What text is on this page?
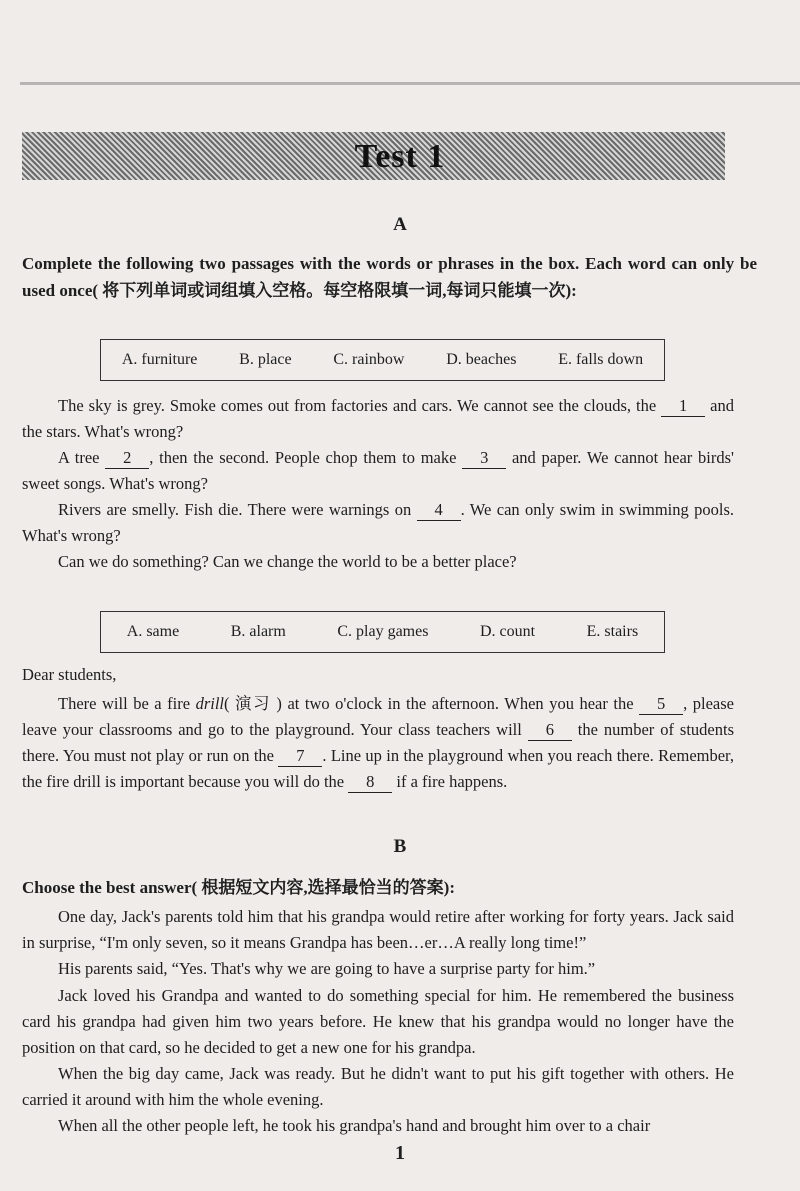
Test 1
A
Complete the following two passages with the words or phrases in the box. Each word can only be used once( 将下列单词或词组填入空格。每空格限填一词,每词只能填一次):
A. furniture	B. place	C. rainbow	D. beaches	E. falls down
The sky is grey. Smoke comes out from factories and cars. We cannot see the clouds, the 1 and the stars. What's wrong?
A tree 2 , then the second. People chop them to make 3 and paper. We cannot hear birds' sweet songs. What's wrong?
Rivers are smelly. Fish die. There were warnings on 4 . We can only swim in swimming pools. What's wrong?
Can we do something? Can we change the world to be a better place?
A. same	B. alarm	C. play games	D. count	E. stairs
Dear students,
There will be a fire drill( 演习 ) at two o'clock in the afternoon. When you hear the 5 , please leave your classrooms and go to the playground. Your class teachers will 6 the number of students there. You must not play or run on the 7 . Line up in the playground when you reach there. Remember, the fire drill is important because you will do the 8 if a fire happens.
B
Choose the best answer( 根据短文内容,选择最恰当的答案):
One day, Jack's parents told him that his grandpa would retire after working for forty years. Jack said in surprise, “I'm only seven, so it means Grandpa has been…er…A really long time!”
His parents said, “Yes. That's why we are going to have a surprise party for him.”
Jack loved his Grandpa and wanted to do something special for him. He remembered the business card his grandpa had given him two years before. He knew that his grandpa would no longer have the position on that card, so he decided to get a new one for his grandpa.
When the big day came, Jack was ready. But he didn't want to put his gift together with others. He carried it around with him the whole evening.
When all the other people left, he took his grandpa's hand and brought him over to a chair
1
